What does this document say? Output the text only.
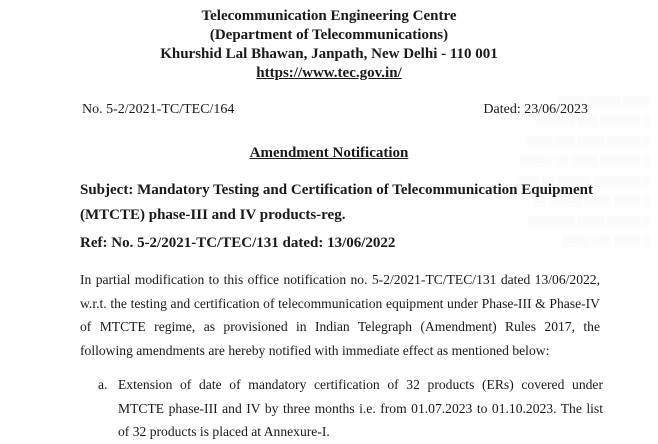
░░░░ ░░░░░ ░░░░
░ ░░░░░░ ░░░ ░░░░░░
░ ░░░░░ ░░░░ ░░░ ░░░░
░ ░░░░░░ ░░░░ ░░ ░░░░░
░ ░░░░░░░ ░░░░░ ░░ ░░░
░ ░░░░ ░░░░ ░░░░░ ░░
░ ░░░░░ ░░░░ ░░░░░░░
░ ░░░░ ░░░ ░░░░
Telecommunication Engineering Centre
(Department of Telecommunications)
Khurshid Lal Bhawan, Janpath, New Delhi - 110 001
https://www.tec.gov.in/
No. 5-2/2021-TC/TEC/164	Dated: 23/06/2023
Amendment Notification
Subject: Mandatory Testing and Certification of Telecommunication Equipment (MTCTE) phase-III and IV products-reg.
Ref: No. 5-2/2021-TC/TEC/131 dated: 13/06/2022
In partial modification to this office notification no. 5-2/2021-TC/TEC/131 dated 13/06/2022, w.r.t. the testing and certification of telecommunication equipment under Phase-III & Phase-IV of MTCTE regime, as provisioned in Indian Telegraph (Amendment) Rules 2017, the following amendments are hereby notified with immediate effect as mentioned below:
a. Extension of date of mandatory certification of 32 products (ERs) covered under MTCTE phase-III and IV by three months i.e. from 01.07.2023 to 01.10.2023. The list of 32 products is placed at Annexure-I.
